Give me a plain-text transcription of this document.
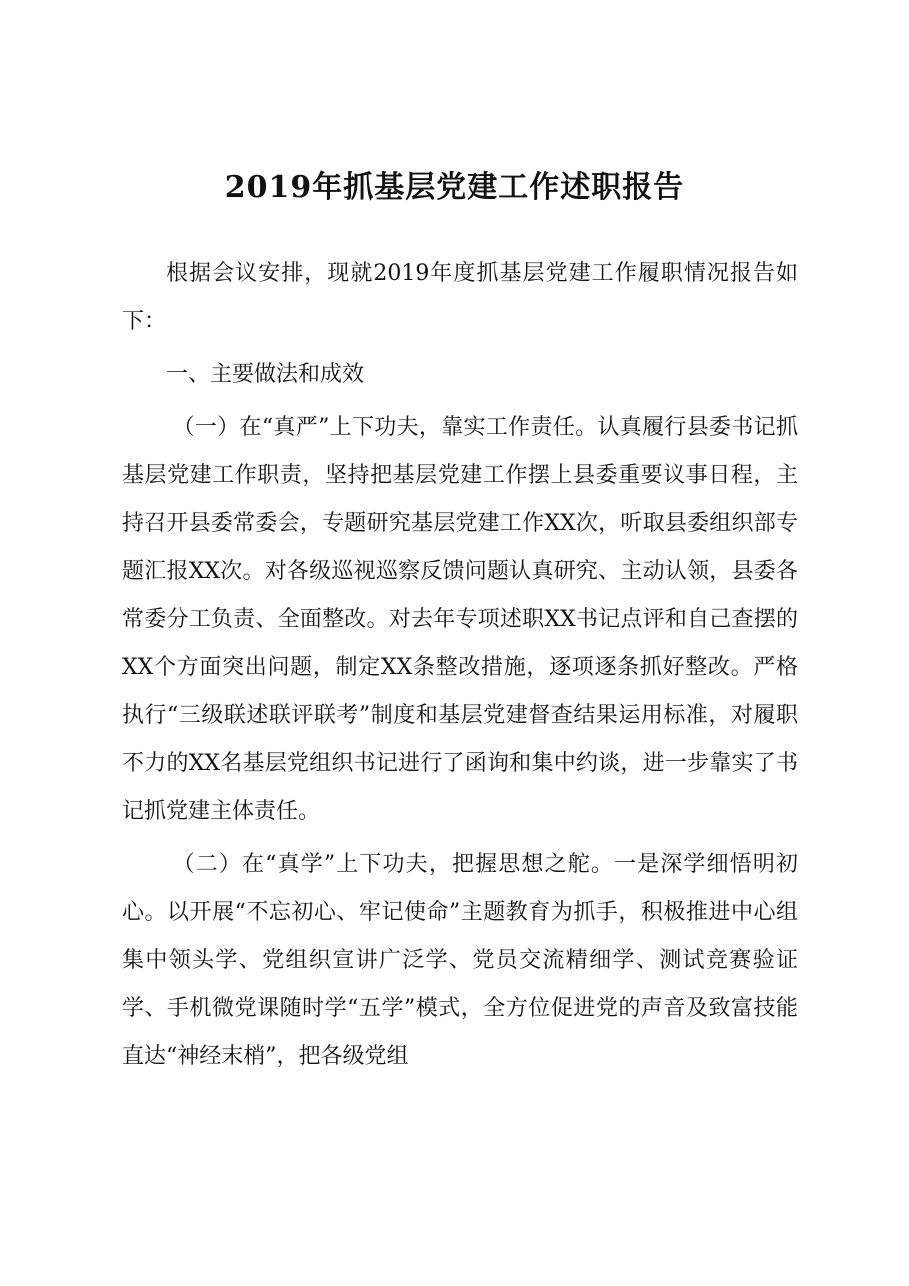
2019年抓基层党建工作述职报告

根据会议安排，现就2019年度抓基层党建工作履职情况报告如下：

一、主要做法和成效

（一）在“真严”上下功夫，靠实工作责任。认真履行县委书记抓基层党建工作职责，坚持把基层党建工作摆上县委重要议事日程，主持召开县委常委会，专题研究基层党建工作XX次，听取县委组织部专题汇报XX次。对各级巡视巡察反馈问题认真研究、主动认领，县委各常委分工负责、全面整改。对去年专项述职XX书记点评和自己查摆的XX个方面突出问题，制定XX条整改措施，逐项逐条抓好整改。严格执行“三级联述联评联考”制度和基层党建督查结果运用标准，对履职不力的XX名基层党组织书记进行了函询和集中约谈，进一步靠实了书记抓党建主体责任。

（二）在“真学”上下功夫，把握思想之舵。一是深学细悟明初心。以开展“不忘初心、牢记使命”主题教育为抓手，积极推进中心组集中领头学、党组织宣讲广泛学、党员交流精细学、测试竞赛验证学、手机微党课随时学“五学”模式，全方位促进党的声音及致富技能直达“神经末梢”，把各级党组
